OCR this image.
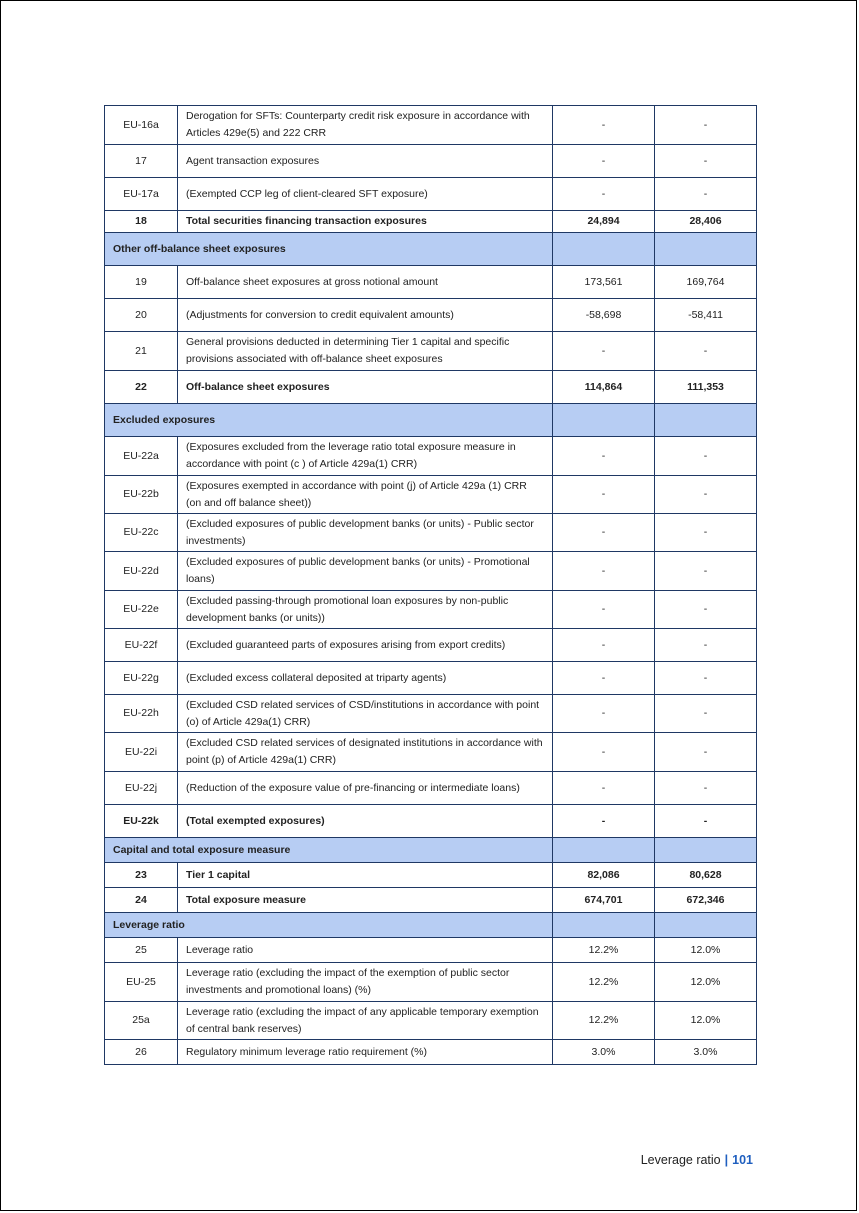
EU-16a	Derogation for SFTs: Counterparty credit risk exposure in accordance with Articles 429e(5) and 222 CRR	-	-
17	Agent transaction exposures	-	-
EU-17a	(Exempted CCP leg of client-cleared SFT exposure)	-	-
18	Total securities financing transaction exposures	24,894	28,406
Other off-balance sheet exposures			
19	Off-balance sheet exposures at gross notional amount	173,561	169,764
20	(Adjustments for conversion to credit equivalent amounts)	-58,698	-58,411
21	General provisions deducted in determining Tier 1 capital and specific provisions associated with off-balance sheet exposures	-	-
22	Off-balance sheet exposures	114,864	111,353
Excluded exposures			
EU-22a	(Exposures excluded from the leverage ratio total exposure measure in accordance with point (c ) of Article 429a(1) CRR)	-	-
EU-22b	(Exposures exempted in accordance with point (j) of Article 429a (1) CRR (on and off balance sheet))	-	-
EU-22c	(Excluded exposures of public development banks (or units) - Public sector investments)	-	-
EU-22d	(Excluded exposures of public development banks (or units) - Promotional loans)	-	-
EU-22e	(Excluded passing-through promotional loan exposures by non-public development banks (or units))	-	-
EU-22f	(Excluded guaranteed parts of exposures arising from export credits)	-	-
EU-22g	(Excluded excess collateral deposited at triparty agents)	-	-
EU-22h	(Excluded CSD related services of CSD/institutions in accordance with point (o) of Article 429a(1) CRR)	-	-
EU-22i	(Excluded CSD related services of designated institutions in accordance with point (p) of Article 429a(1) CRR)	-	-
EU-22j	(Reduction of the exposure value of pre-financing or intermediate loans)	-	-
EU-22k	(Total exempted exposures)	-	-
Capital and total exposure measure			
23	Tier 1 capital	82,086	80,628
24	Total exposure measure	674,701	672,346
Leverage ratio			
25	Leverage ratio	12.2%	12.0%
EU-25	Leverage ratio (excluding the impact of the exemption of public sector investments and promotional loans) (%)	12.2%	12.0%
25a	Leverage ratio (excluding the impact of any applicable temporary exemption of central bank reserves)	12.2%	12.0%
26	Regulatory minimum leverage ratio requirement (%)	3.0%	3.0%
Leverage ratio | 101
